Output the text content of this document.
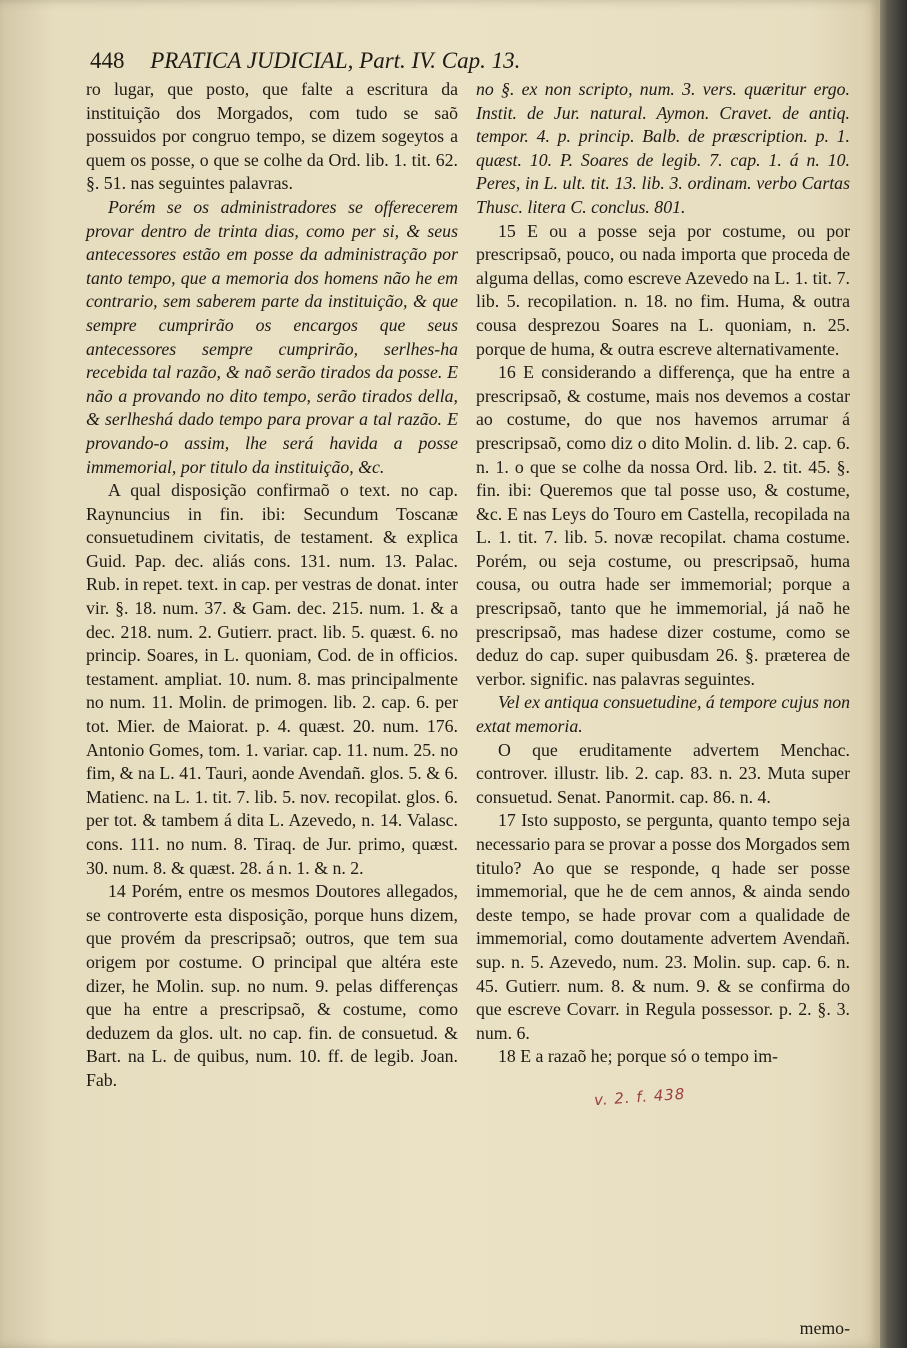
448 PRATICA JUDICIAL, Part. IV. Cap. 13.

ro lugar, que posto, que falte a escritura da instituição dos Morgados, com tudo se saõ possuidos por congruo tempo, se dizem sogeytos a quem os posse, o que se colhe da Ord. lib. 1. tit. 62. §. 51. nas seguintes palavras.

Porém se os administradores se offerecerem provar dentro de trinta dias, como per si, & seus antecessores estão em posse da administração por tanto tempo, que a memoria dos homens não he em contrario, sem saberem parte da instituição, & que sempre cumprirão os encargos que seus antecessores sempre cumprirão, serlhes-ha recebida tal razão, & naõ serão tirados da posse. E não a provando no dito tempo, serão tirados della, & serlheshá dado tempo para provar a tal razão. E provando-o assim, lhe será havida a posse immemorial, por titulo da instituição, &c.

A qual disposição confirmaõ o text. no cap. Raynuncius in fin. ibi: Secundum Toscanæ consuetudinem civitatis, de testament. & explica Guid. Pap. dec. aliás cons. 131. num. 13. Palac. Rub. in repet. text. in cap. per vestras de donat. inter vir. §. 18. num. 37. & Gam. dec. 215. num. 1. & a dec. 218. num. 2. Gutierr. pract. lib. 5. quæst. 6. no princip. Soares, in L. quoniam, Cod. de in officios. testament. ampliat. 10. num. 8. mas principalmente no num. 11. Molin. de primogen. lib. 2. cap. 6. per tot. Mier. de Maiorat. p. 4. quæst. 20. num. 176. Antonio Gomes, tom. 1. variar. cap. 11. num. 25. no fim, & na L. 41. Tauri, aonde Avendañ. glos. 5. & 6. Matienc. na L. 1. tit. 7. lib. 5. nov. recopilat. glos. 6. per tot. & tambem á dita L. Azevedo, n. 14. Valasc. cons. 111. no num. 8. Tiraq. de Jur. primo, quæst. 30. num. 8. & quæst. 28. á n. 1. & n. 2.

14 Porém, entre os mesmos Doutores allegados, se controverte esta disposição, porque huns dizem, que provém da prescripsaõ; outros, que tem sua origem por costume. O principal que altéra este dizer, he Molin. sup. no num. 9. pelas differenças que ha entre a prescripsaõ, & costume, como deduzem da glos. ult. no cap. fin. de consuetud. & Bart. na L. de quibus, num. 10. ff. de legib. Joan. Fab.

no §. ex non scripto, num. 3. vers. quæritur ergo. Instit. de Jur. natural. Aymon. Cravet. de antiq. tempor. 4. p. princip. Balb. de præscription. p. 1. quæst. 10. P. Soares de legib. 7. cap. 1. á n. 10. Peres, in L. ult. tit. 13. lib. 3. ordinam. verbo Cartas Thusc. litera C. conclus. 801.

15 E ou a posse seja por costume, ou por prescripsaõ, pouco, ou nada importa que proceda de alguma dellas, como escreve Azevedo na L. 1. tit. 7. lib. 5. recopilation. n. 18. no fim. Huma, & outra cousa desprezou Soares na L. quoniam, n. 25. porque de huma, & outra escreve alternativamente.

16 E considerando a differença, que ha entre a prescripsaõ, & costume, mais nos devemos a costar ao costume, do que nos havemos arrumar á prescripsaõ, como diz o dito Molin. d. lib. 2. cap. 6. n. 1. o que se colhe da nossa Ord. lib. 2. tit. 45. §. fin. ibi: Queremos que tal posse uso, & costume, &c. E nas Leys do Touro em Castella, recopilada na L. 1. tit. 7. lib. 5. novæ recopilat. chama costume. Porém, ou seja costume, ou prescripsaõ, huma cousa, ou outra hade ser immemorial; porque a prescripsaõ, tanto que he immemorial, já naõ he prescripsaõ, mas hadese dizer costume, como se deduz do cap. super quibusdam 26. §. præterea de verbor. signific. nas palavras seguintes.

Vel ex antiqua consuetudine, á tempore cujus non extat memoria.

O que eruditamente advertem Menchac. controver. illustr. lib. 2. cap. 83. n. 23. Muta super consuetud. Senat. Panormit. cap. 86. n. 4.

17 Isto supposto, se pergunta, quanto tempo seja necessario para se provar a posse dos Morgados sem titulo? Ao que se responde, q hade ser posse immemorial, que he de cem annos, & ainda sendo deste tempo, se hade provar com a qualidade de immemorial, como doutamente advertem Avendañ. sup. n. 5. Azevedo, num. 23. Molin. sup. cap. 6. n. 45. Gutierr. num. 8. & num. 9. & se confirma do que escreve Covarr. in Regula possessor. p. 2. §. 3. num. 6.

18 E a razaõ he; porque só o tempo im-

v. 2. f. 438
memo-
